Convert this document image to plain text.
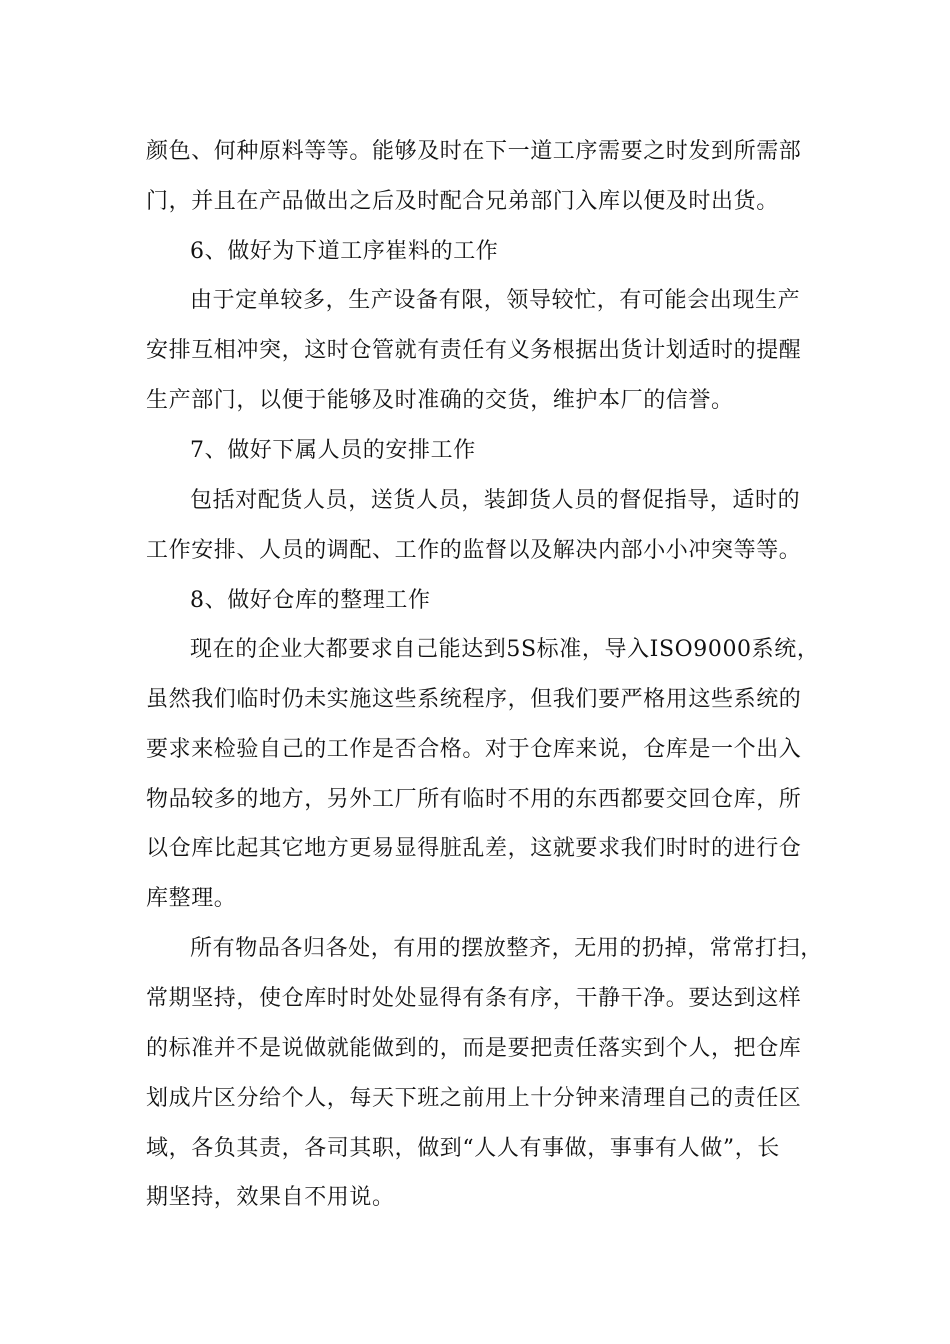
颜色、何种原料等等。能够及时在下一道工序需要之时发到所需部
门，并且在产品做出之后及时配合兄弟部门入库以便及时出货。
6、做好为下道工序崔料的工作
由于定单较多，生产设备有限，领导较忙，有可能会出现生产
安排互相冲突，这时仓管就有责任有义务根据出货计划适时的提醒
生产部门，以便于能够及时准确的交货，维护本厂的信誉。
7、做好下属人员的安排工作
包括对配货人员，送货人员，装卸货人员的督促指导，适时的
工作安排、人员的调配、工作的监督以及解决内部小小冲突等等。
8、做好仓库的整理工作
现在的企业大都要求自己能达到5S标准，导入ISO9000系统，
虽然我们临时仍未实施这些系统程序，但我们要严格用这些系统的
要求来检验自己的工作是否合格。对于仓库来说，仓库是一个出入
物品较多的地方，另外工厂所有临时不用的东西都要交回仓库，所
以仓库比起其它地方更易显得脏乱差，这就要求我们时时的进行仓
库整理。
所有物品各归各处，有用的摆放整齐，无用的扔掉，常常打扫，
常期坚持，使仓库时时处处显得有条有序，干静干净。要达到这样
的标准并不是说做就能做到的，而是要把责任落实到个人，把仓库
划成片区分给个人，每天下班之前用上十分钟来清理自己的责任区
域，各负其责，各司其职，做到“人人有事做，事事有人做”，长
期坚持，效果自不用说。
